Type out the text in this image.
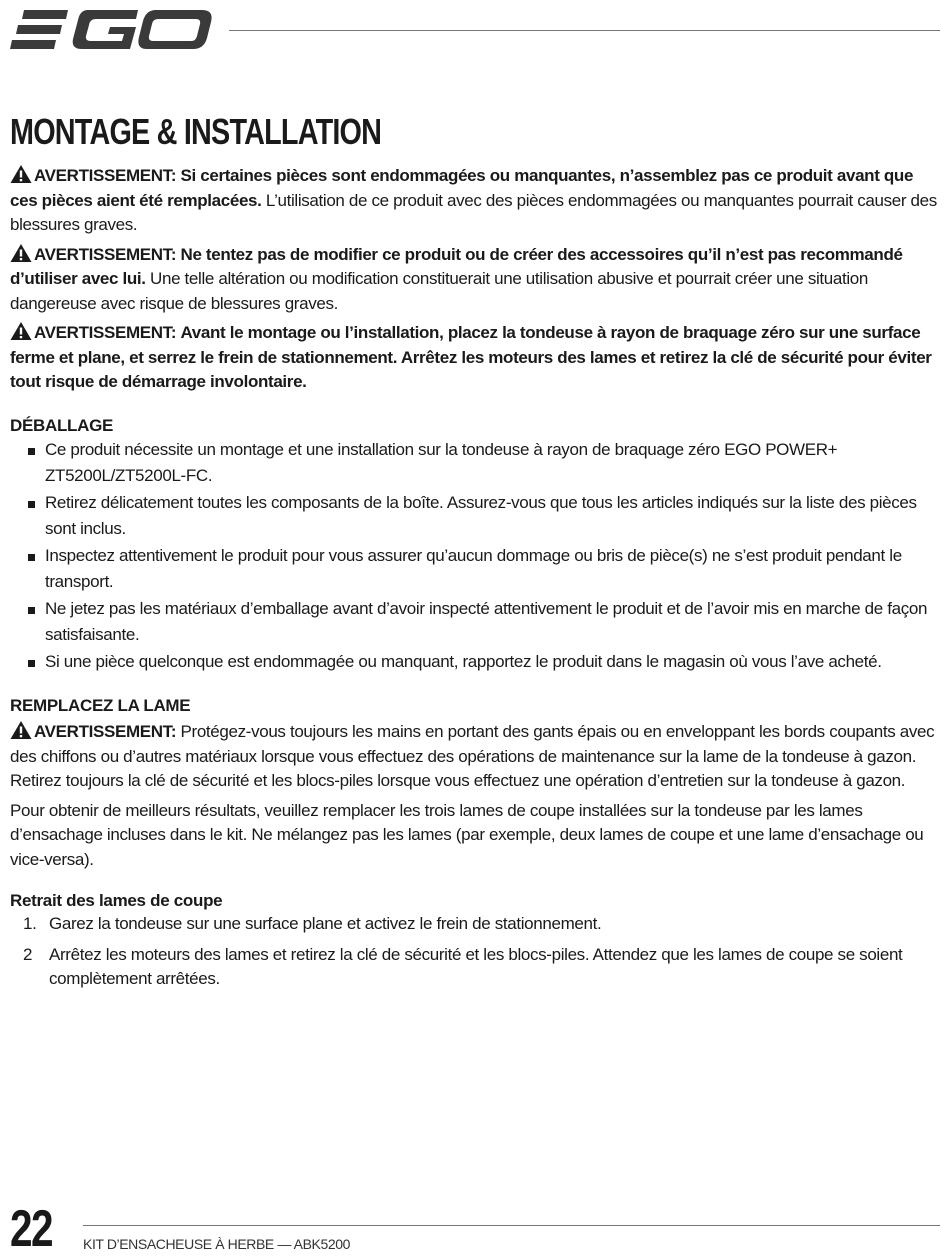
MONTAGE & INSTALLATION

AVERTISSEMENT: Si certaines pièces sont endommagées ou manquantes, n’assemblez pas ce produit avant que ces pièces aient été remplacées. L’utilisation de ce produit avec des pièces endommagées ou manquantes pourrait causer des blessures graves.

AVERTISSEMENT: Ne tentez pas de modifier ce produit ou de créer des accessoires qu’il n’est pas recommandé d’utiliser avec lui. Une telle altération ou modification constituerait une utilisation abusive et pourrait créer une situation dangereuse avec risque de blessures graves.

AVERTISSEMENT: Avant le montage ou l’installation, placez la tondeuse à rayon de braquage zéro sur une surface ferme et plane, et serrez le frein de stationnement. Arrêtez les moteurs des lames et retirez la clé de sécurité pour éviter tout risque de démarrage involontaire.

DÉBALLAGE
Ce produit nécessite un montage et une installation sur la tondeuse à rayon de braquage zéro EGO POWER+ ZT5200L/ZT5200L-FC.
Retirez délicatement toutes les composants de la boîte. Assurez-vous que tous les articles indiqués sur la liste des pièces sont inclus.
Inspectez attentivement le produit pour vous assurer qu’aucun dommage ou bris de pièce(s) ne s’est produit pendant le transport.
Ne jetez pas les matériaux d’emballage avant d’avoir inspecté attentivement le produit et de l’avoir mis en marche de façon satisfaisante.
Si une pièce quelconque est endommagée ou manquant, rapportez le produit dans le magasin où vous l’ave acheté.
REMPLACEZ LA LAME

AVERTISSEMENT: Protégez-vous toujours les mains en portant des gants épais ou en enveloppant les bords coupants avec des chiffons ou d’autres matériaux lorsque vous effectuez des opérations de maintenance sur la lame de la tondeuse à gazon. Retirez toujours la clé de sécurité et les blocs-piles lorsque vous effectuez une opération d’entretien sur la tondeuse à gazon.

Pour obtenir de meilleurs résultats, veuillez remplacer les trois lames de coupe installées sur la tondeuse par les lames d’ensachage incluses dans le kit. Ne mélangez pas les lames (par exemple, deux lames de coupe et une lame d’ensachage ou vice-versa).

Retrait des lames de coupe
1. Garez la tondeuse sur une surface plane et activez le frein de stationnement.
2 Arrêtez les moteurs des lames et retirez la clé de sécurité et les blocs-piles. Attendez que les lames de coupe se soient complètement arrêtées.
22 KIT D’ENSACHEUSE À HERBE — ABK5200
